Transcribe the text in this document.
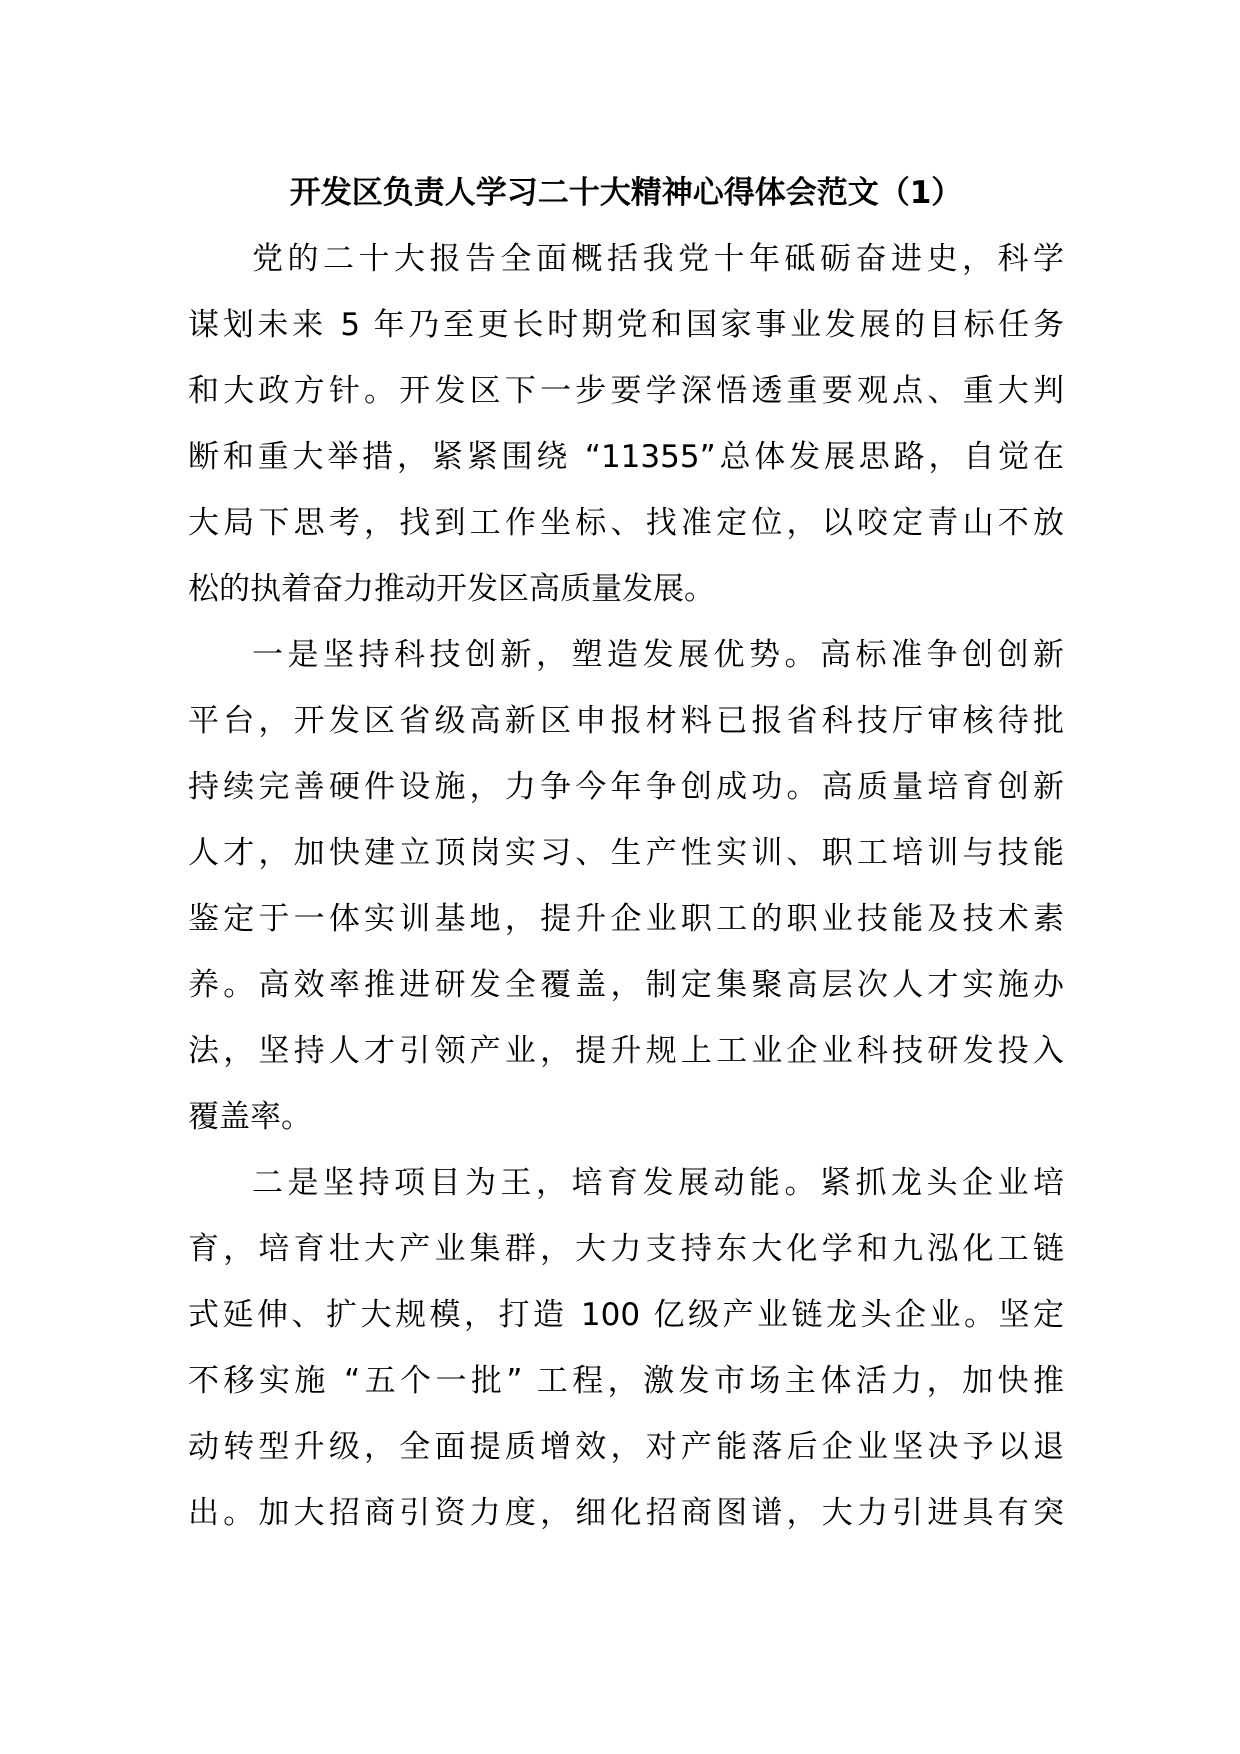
开发区负责人学习二十大精神心得体会范文（1）

党的二十大报告全面概括我党十年砥砺奋进史，科学
谋划未来 5 年乃至更长时期党和国家事业发展的目标任务
和大政方针。开发区下一步要学深悟透重要观点、重大判
断和重大举措，紧紧围绕 “11355”总体发展思路，自觉在
大局下思考，找到工作坐标、找准定位，以咬定青山不放
松的执着奋力推动开发区高质量发展。

一是坚持科技创新，塑造发展优势。高标准争创创新
平台，开发区省级高新区申报材料已报省科技厅审核待批
持续完善硬件设施，力争今年争创成功。高质量培育创新
人才，加快建立顶岗实习、生产性实训、职工培训与技能
鉴定于一体实训基地，提升企业职工的职业技能及技术素
养。高效率推进研发全覆盖，制定集聚高层次人才实施办
法，坚持人才引领产业，提升规上工业企业科技研发投入
覆盖率。

二是坚持项目为王，培育发展动能。紧抓龙头企业培
育，培育壮大产业集群，大力支持东大化学和九泓化工链
式延伸、扩大规模，打造 100 亿级产业链龙头企业。坚定
不移实施 “五个一批” 工程，激发市场主体活力，加快推
动转型升级，全面提质增效，对产能落后企业坚决予以退
出。加大招商引资力度，细化招商图谱，大力引进具有突
